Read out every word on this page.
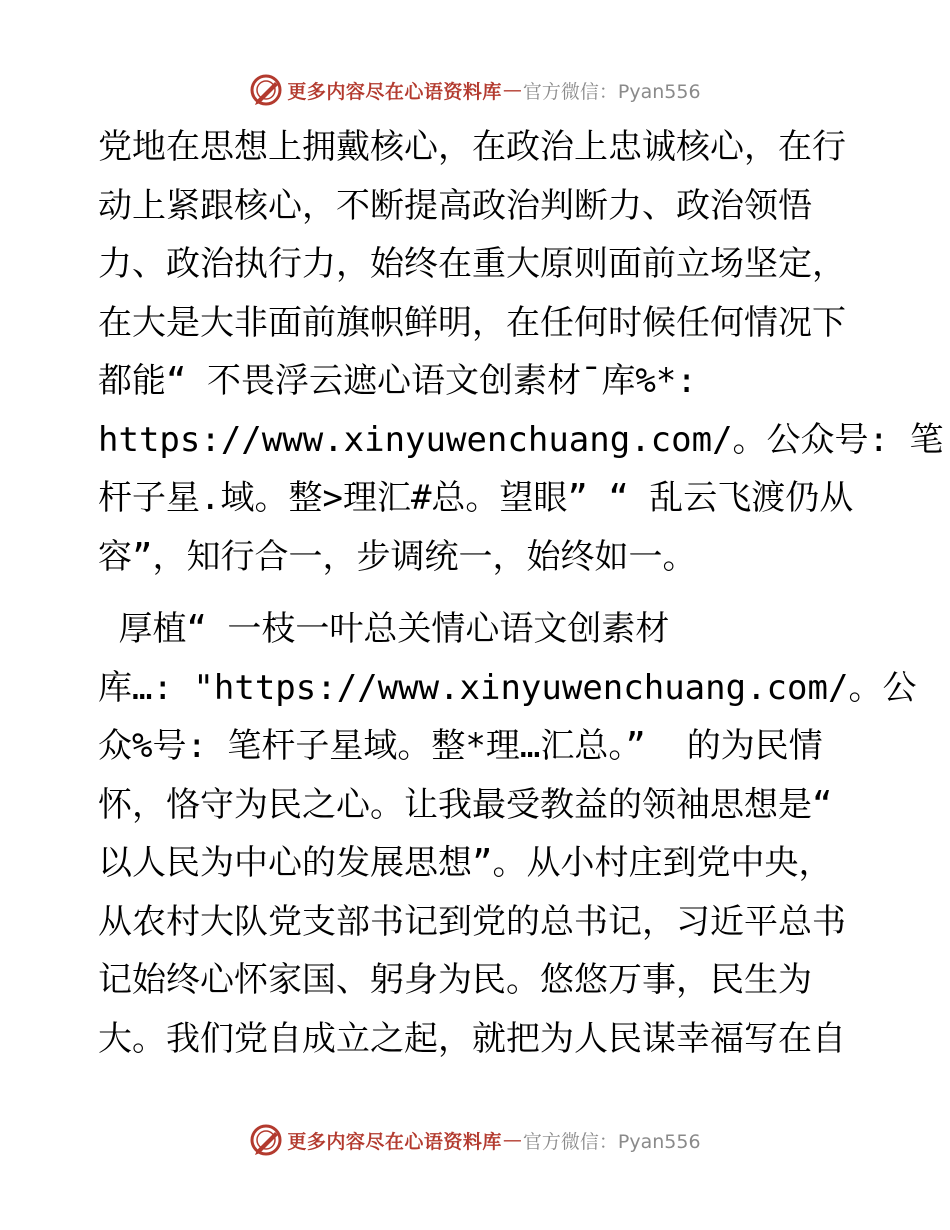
更多内容尽在心语资料库 — 官方微信：Pyan556
党地在思想上拥戴核心，在政治上忠诚核心，在行
动上紧跟核心，不断提高政治判断力、政治领悟
力、政治执行力，始终在重大原则面前立场坚定，
在大是大非面前旗帜鲜明，在任何时候任何情况下
都能“ 不畏浮云遮心语文创素材¯库%*:
https://www.xinyuwenchuang.com/。公众号: 笔
杆子星.域。整>理汇#总。望眼” “ 乱云飞渡仍从
容”，知行合一，步调统一，始终如一。
厚植“ 一枝一叶总关情心语文创素材
库…: "https://www.xinyuwenchuang.com/。公
众%号: 笔杆子星域。整*理…汇总。”  的为民情
怀，恪守为民之心。让我最受教益的领袖思想是“
以人民为中心的发展思想”。从小村庄到党中央，
从农村大队党支部书记到党的总书记，习近平总书
记始终心怀家国、躬身为民。悠悠万事，民生为
大。我们党自成立之起，就把为人民谋幸福写在自
更多内容尽在心语资料库 — 官方微信：Pyan556
